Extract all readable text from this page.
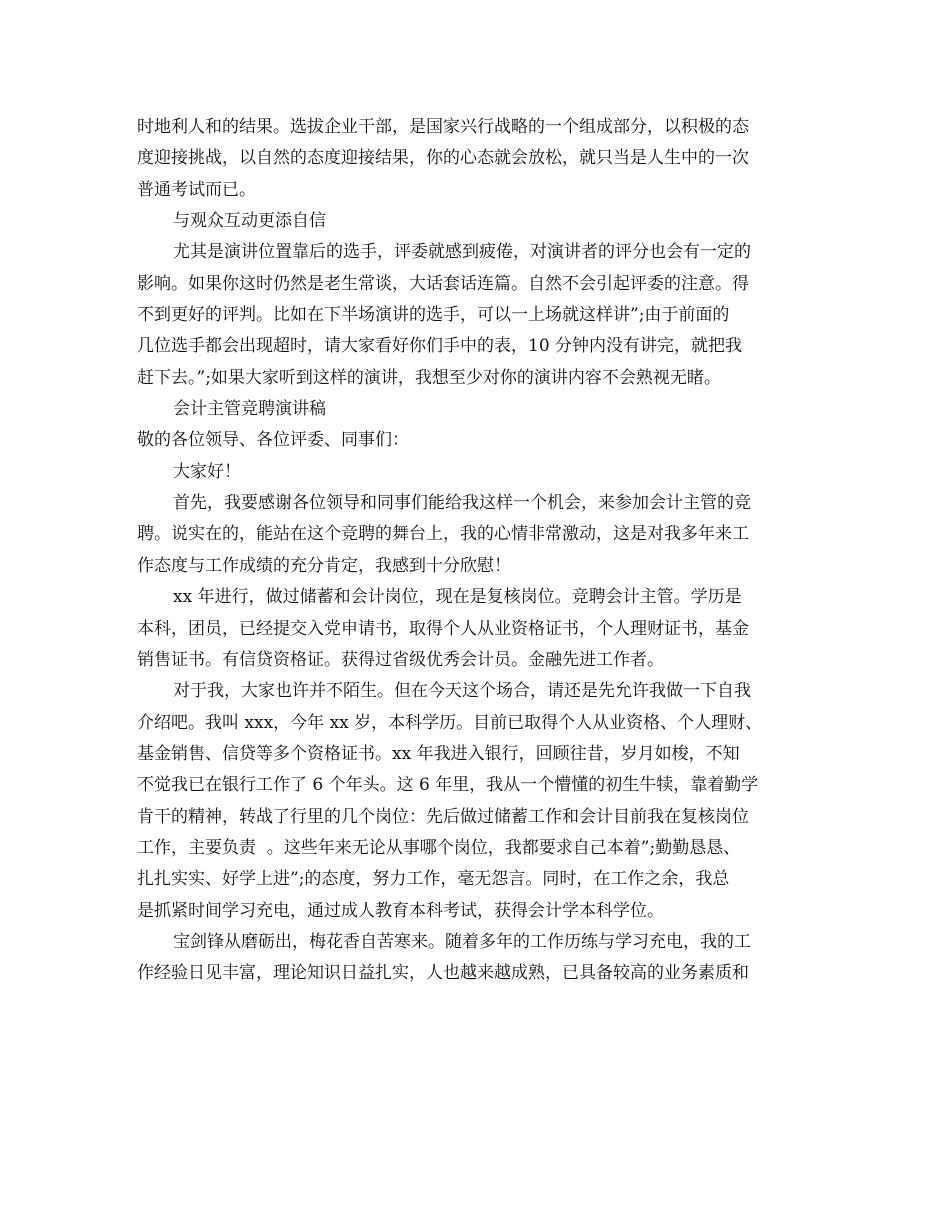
时地利人和的结果。选拔企业干部，是国家兴行战略的一个组成部分，以积极的态
度迎接挑战，以自然的态度迎接结果，你的心态就会放松，就只当是人生中的一次
普通考试而已。
与观众互动更添自信
尤其是演讲位置靠后的选手，评委就感到疲倦，对演讲者的评分也会有一定的
影响。如果你这时仍然是老生常谈，大话套话连篇。自然不会引起评委的注意。得
不到更好的评判。比如在下半场演讲的选手，可以一上场就这样讲”;由于前面的
几位选手都会出现超时，请大家看好你们手中的表，10 分钟内没有讲完，就把我
赶下去。”;如果大家听到这样的演讲，我想至少对你的演讲内容不会熟视无睹。
会计主管竞聘演讲稿
敬的各位领导、各位评委、同事们：
大家好！
首先，我要感谢各位领导和同事们能给我这样一个机会，来参加会计主管的竞
聘。说实在的，能站在这个竞聘的舞台上，我的心情非常激动，这是对我多年来工
作态度与工作成绩的充分肯定，我感到十分欣慰！
xx 年进行，做过储蓄和会计岗位，现在是复核岗位。竞聘会计主管。学历是
本科，团员，已经提交入党申请书，取得个人从业资格证书，个人理财证书，基金
销售证书。有信贷资格证。获得过省级优秀会计员。金融先进工作者。
对于我，大家也许并不陌生。但在今天这个场合，请还是先允许我做一下自我
介绍吧。我叫 xxx，今年 xx 岁，本科学历。目前已取得个人从业资格、个人理财、
基金销售、信贷等多个资格证书。xx 年我进入银行，回顾往昔，岁月如梭，不知
不觉我已在银行工作了 6 个年头。这 6 年里，我从一个懵懂的初生牛犊，靠着勤学
肯干的精神，转战了行里的几个岗位：先后做过储蓄工作和会计目前我在复核岗位
工作，主要负责  。这些年来无论从事哪个岗位，我都要求自己本着”;勤勤恳恳、
扎扎实实、好学上进”;的态度，努力工作，毫无怨言。同时，在工作之余，我总
是抓紧时间学习充电，通过成人教育本科考试，获得会计学本科学位。
宝剑锋从磨砺出，梅花香自苦寒来。随着多年的工作历练与学习充电，我的工
作经验日见丰富，理论知识日益扎实，人也越来越成熟，已具备较高的业务素质和
